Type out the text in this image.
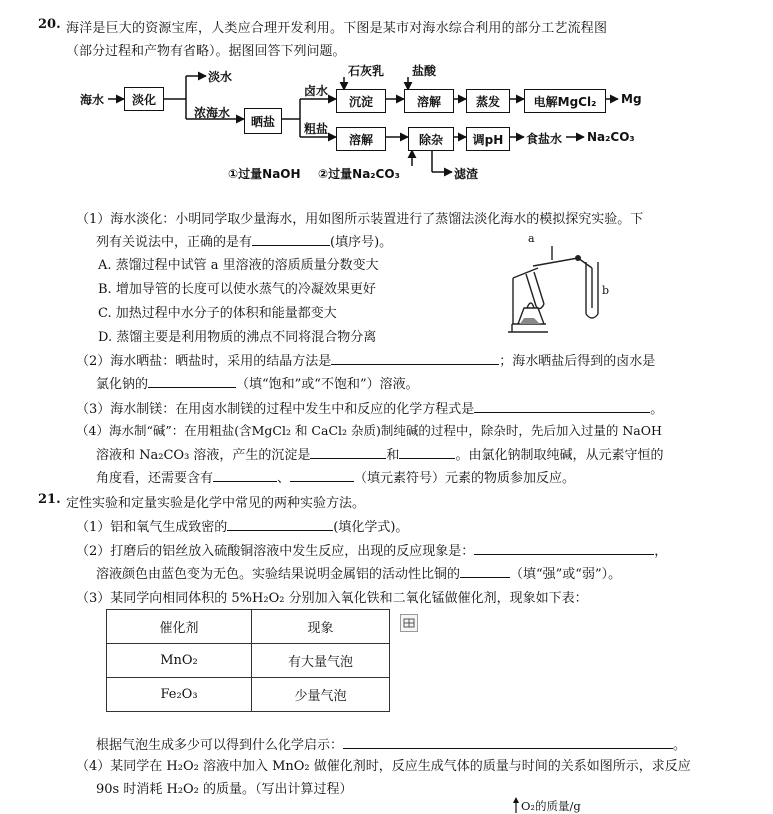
20. 海洋是巨大的资源宝库，人类应合理开发利用。下图是某市对海水综合利用的部分工艺流程图
（部分过程和产物有省略）。据图回答下列问题。
海水	淡化
淡水
浓海水
晒盐
卤水
石灰乳 盐酸
沉淀	溶解	蒸发	电解MgCl₂	Mg
粗盐
溶解	除杂	调pH	食盐水 Na₂CO₃
滤渣
①过量NaOH ②过量Na₂CO₃
（1）海水淡化：小明同学取少量海水，用如图所示装置进行了蒸馏法淡化海水的模拟探究实验。下
列有关说法中，正确的是有	(填序号)。
A. 蒸馏过程中试管 a 里溶液的溶质质量分数变大
B. 增加导管的长度可以使水蒸气的冷凝效果更好
C. 加热过程中水分子的体积和能量都变大
D. 蒸馏主要是利用物质的沸点不同将混合物分离
a
b
（2）海水晒盐：晒盐时，采用的结晶方法是	；海水晒盐后得到的卤水是
氯化钠的	（填“饱和”或“不饱和”）溶液。
（3）海水制镁：在用卤水制镁的过程中发生中和反应的化学方程式是	。
（4）海水制“碱”：在用粗盐(含MgCl₂ 和 CaCl₂ 杂质)制纯碱的过程中，除杂时，先后加入过量的 NaOH
溶液和 Na₂CO₃ 溶液，产生的沉淀是	和	。由氯化钠制取纯碱，从元素守恒的
角度看，还需要含有	、	（填元素符号）元素的物质参加反应。
21. 定性实验和定量实验是化学中常见的两种实验方法。
（1）铝和氧气生成致密的	(填化学式)。
（2）打磨后的铝丝放入硫酸铜溶液中发生反应，出现的反应现象是：	，
溶液颜色由蓝色变为无色。实验结果说明金属铝的活动性比铜的	（填“强”或“弱”）。
（3）某同学向相同体积的 5%H₂O₂ 分别加入氧化铁和二氧化锰做催化剂，现象如下表：
催化剂	现象
MnO₂	有大量气泡
Fe₂O₃	少量气泡
根据气泡生成多少可以得到什么化学启示：	。
（4）某同学在 H₂O₂ 溶液中加入 MnO₂ 做催化剂时，反应生成气体的质量与时间的关系如图所示，求反应
90s 时消耗 H₂O₂ 的质量。（写出计算过程）
O₂的质量/g
